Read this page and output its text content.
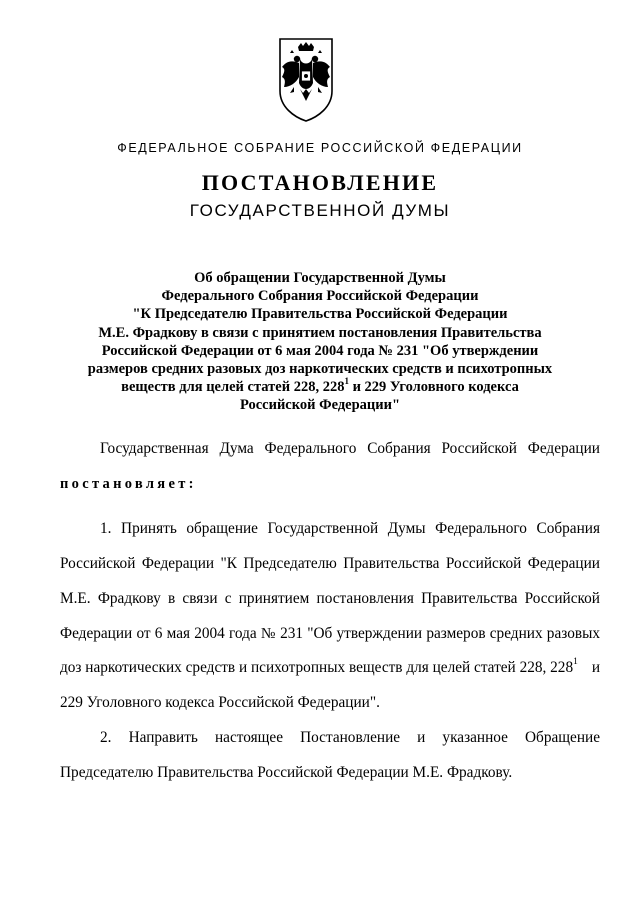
ФЕДЕРАЛЬНОЕ СОБРАНИЕ РОССИЙСКОЙ ФЕДЕРАЦИИ
ПОСТАНОВЛЕНИЕ
ГОСУДАРСТВЕННОЙ ДУМЫ
Об обращении Государственной Думы
Федерального Собрания Российской Федерации
"К Председателю Правительства Российской Федерации
М.Е. Фрадкову в связи с принятием постановления Правительства
Российской Федерации от 6 мая 2004 года № 231 "Об утверждении
размеров средних разовых доз наркотических средств и психотропных
веществ для целей статей 228, $228^1$ и 229 Уголовного кодекса
Российской Федерации"
Государственная Дума Федерального Собрания Российской Федерации
постановляет:
1. Принять обращение Государственной Думы Федерального Собрания
Российской Федерации "К Председателю Правительства Российской Федерации
М.Е. Фрадкову в связи с принятием постановления Правительства Российской
Федерации от 6 мая 2004 года № 231 "Об утверждении размеров средних разовых
доз наркотических средств и психотропных веществ для целей статей 228, $228^1$ и
229 Уголовного кодекса Российской Федерации".
2. Направить настоящее Постановление и указанное Обращение
Председателю Правительства Российской Федерации М.Е. Фрадкову.
